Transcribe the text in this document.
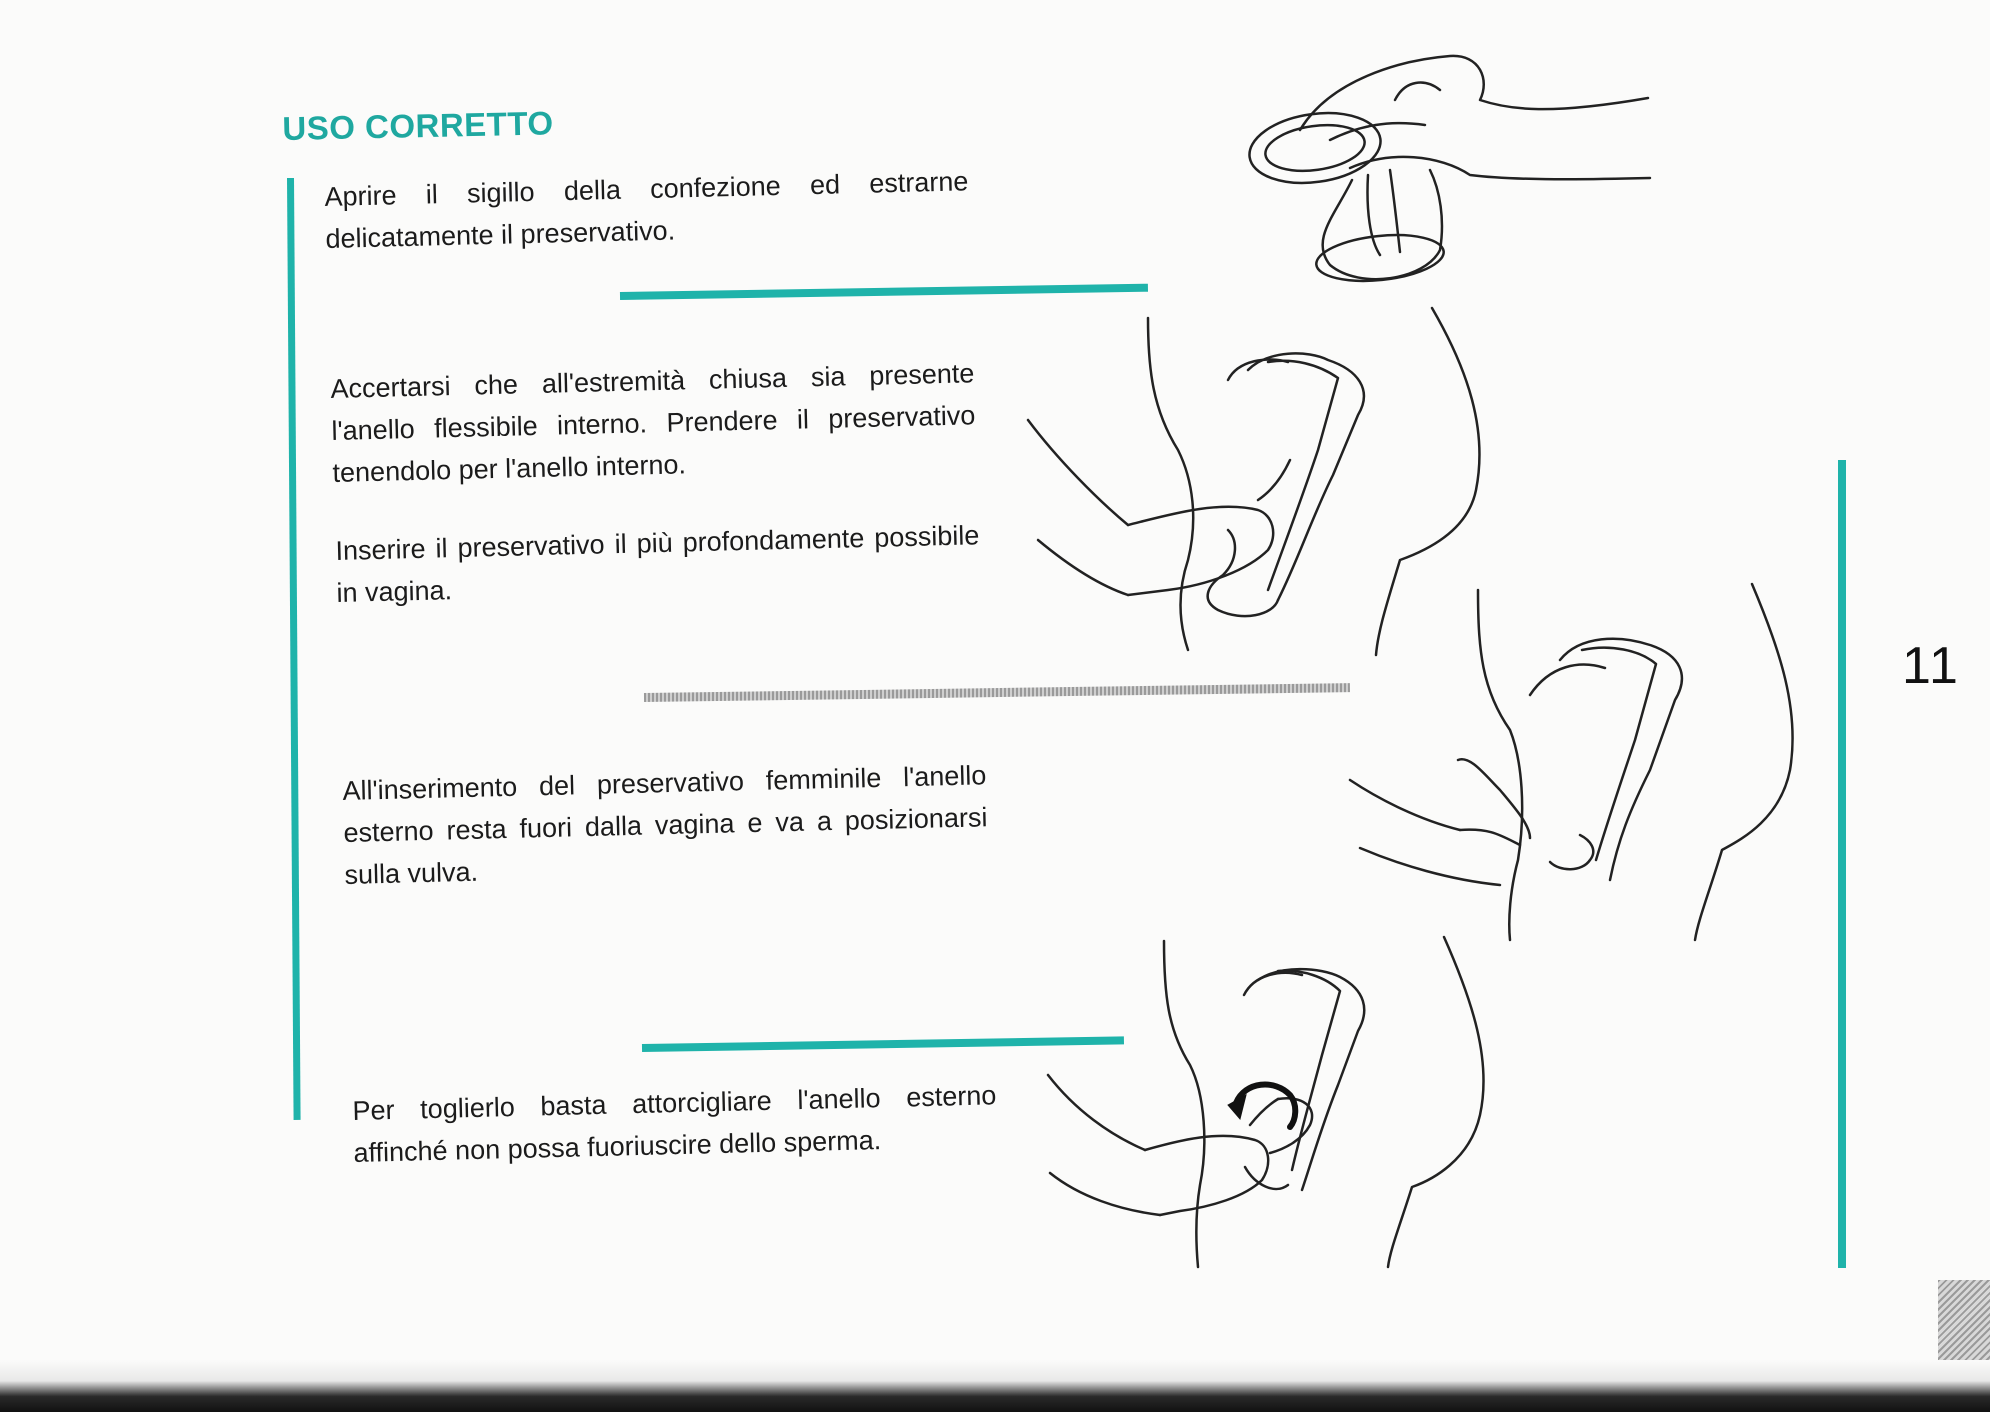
USO CORRETTO

Aprire il sigillo della confezione ed estrarne delicatamente il preservativo.

Accertarsi che all'estremità chiusa sia presente l'anello flessibile interno. Prendere il preservativo tenendolo per l'anello interno.

Inserire il preservativo il più profondamente possibile in vagina.

All'inserimento del preservativo femminile l'anello esterno resta fuori dalla vagina e va a posizionarsi sulla vulva.

Per toglierlo basta attorcigliare l'anello esterno affinché non possa fuoriuscire dello sperma.

11
